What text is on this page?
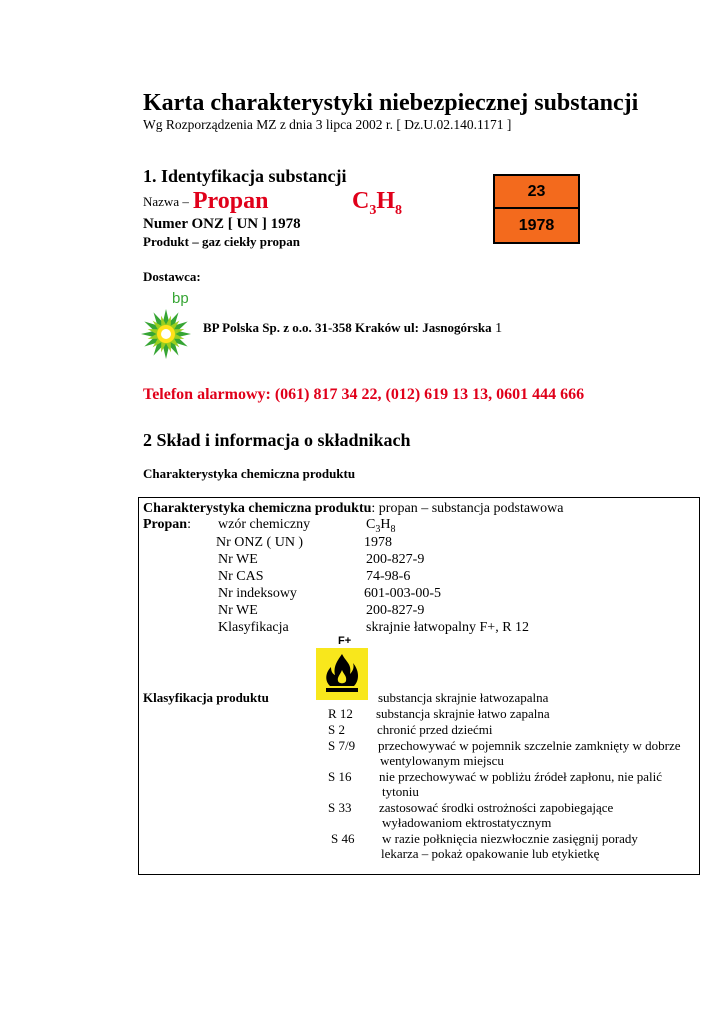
Karta charakterystyki niebezpiecznej substancji
Wg Rozporządzenia MZ z dnia 3 lipca 2002 r. [ Dz.U.02.140.1171 ]
1. Identyfikacja substancji
Nazwa – Propan	$C_3H_8$
Numer ONZ [ UN ] 1978
Produkt – gaz ciekły propan
23
1978
Dostawca:
bp
BP Polska Sp. z o.o. 31-358 Kraków ul: Jasnogórska 1
Telefon alarmowy: (061) 817 34 22, (012) 619 13 13, 0601 444 666
2 Skład i informacja o składnikach
Charakterystyka chemiczna produktu
Charakterystyka chemiczna produktu: propan – substancja podstawowa
Propan: wzór chemiczny	$C_3H_8$
Nr ONZ ( UN )	1978
Nr WE	200-827-9
Nr CAS	74-98-6
Nr indeksowy	601-003-00-5
Nr WE	200-827-9
Klasyfikacja	skrajnie łatwopalny F+, R 12
F+
Klasyfikacja produktu	substancja skrajnie łatwozapalna
R 12 substancja skrajnie łatwo zapalna
S 2 chronić przed dziećmi
S 7/9 przechowywać w pojemnik szczelnie zamknięty w dobrze
wentylowanym miejscu
S 16 nie przechowywać w pobliżu źródeł zapłonu, nie palić
tytoniu
S 33 zastosować środki ostrożności zapobiegające
wyładowaniom ektrostatycznym
S 46 w razie połknięcia niezwłocznie zasięgnij porady
lekarza – pokaż opakowanie lub etykietkę
